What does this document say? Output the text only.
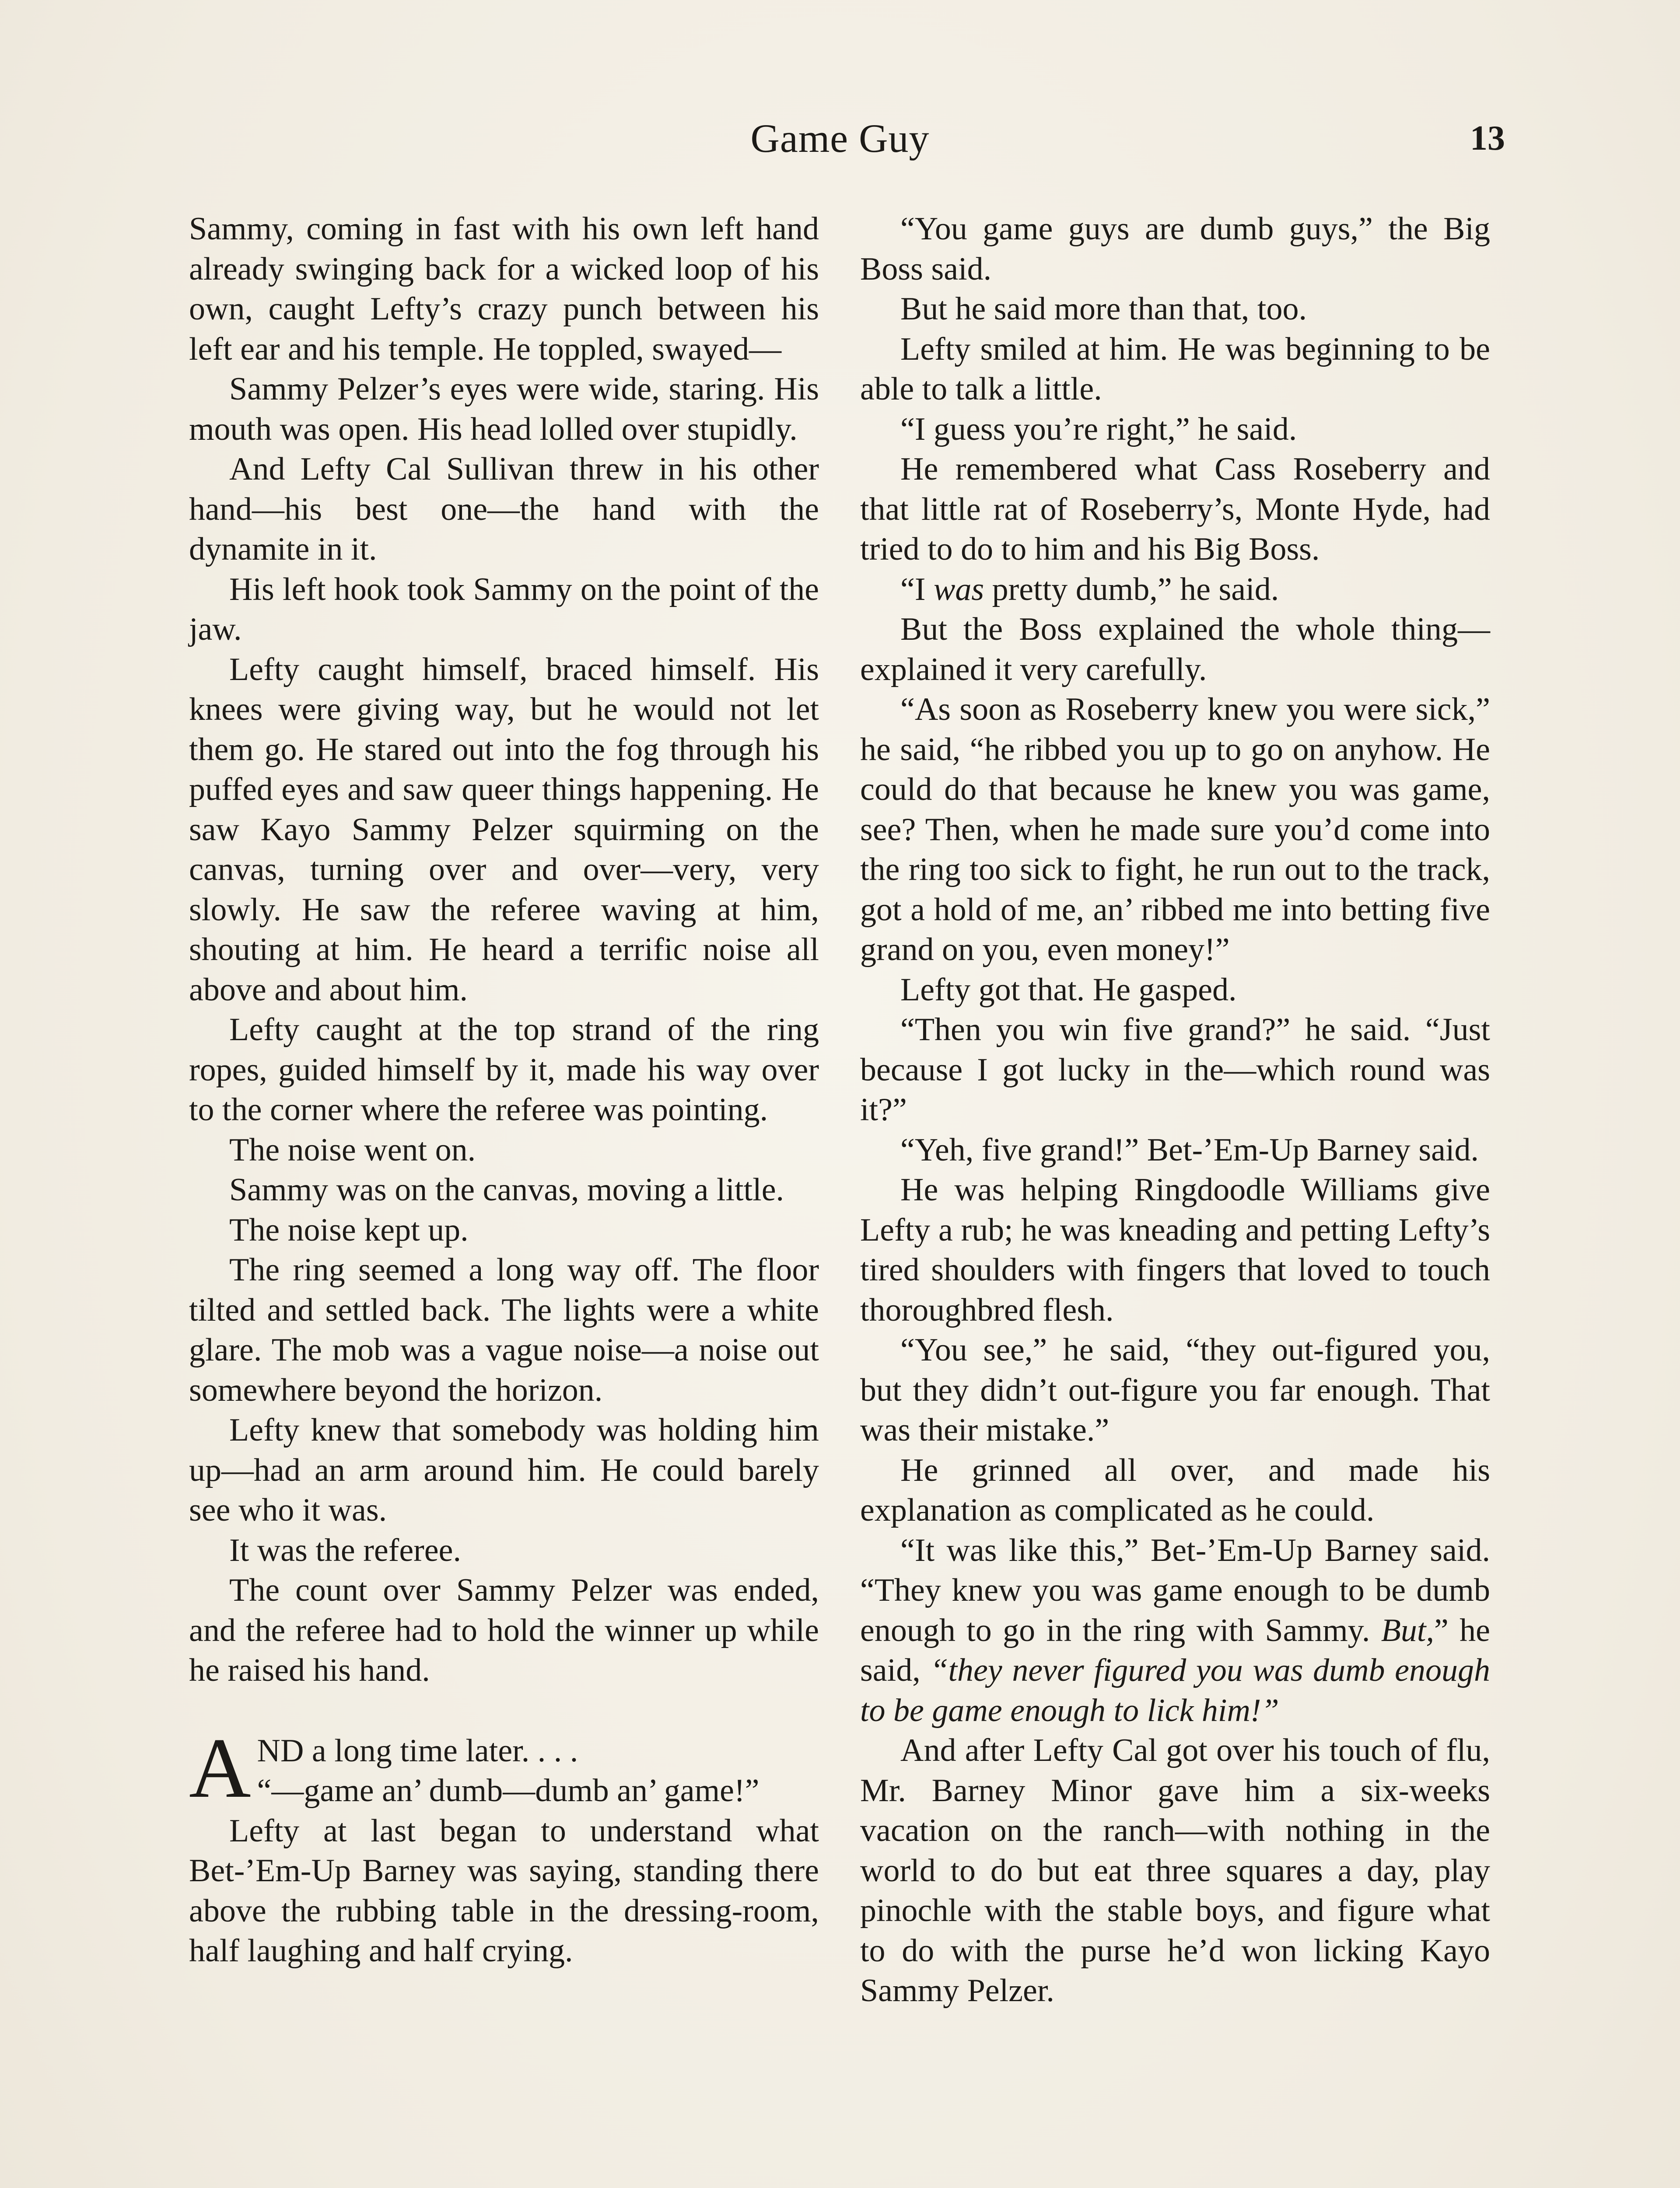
Game Guy	13

Sammy, coming in fast with his own left hand already swinging back for a wicked loop of his own, caught Lefty’s crazy punch between his left ear and his temple. He toppled, swayed—

Sammy Pelzer’s eyes were wide, staring. His mouth was open. His head lolled over stupidly.

And Lefty Cal Sullivan threw in his other hand—his best one—the hand with the dynamite in it.

His left hook took Sammy on the point of the jaw.

Lefty caught himself, braced himself. His knees were giving way, but he would not let them go. He stared out into the fog through his puffed eyes and saw queer things happening. He saw Kayo Sammy Pelzer squirming on the canvas, turning over and over—very, very slowly. He saw the referee waving at him, shouting at him. He heard a terrific noise all above and about him.

Lefty caught at the top strand of the ring ropes, guided himself by it, made his way over to the corner where the referee was pointing.

The noise went on.

Sammy was on the canvas, moving a little.

The noise kept up.

The ring seemed a long way off. The floor tilted and settled back. The lights were a white glare. The mob was a vague noise—a noise out somewhere beyond the horizon.

Lefty knew that somebody was holding him up—had an arm around him. He could barely see who it was.

It was the referee.

The count over Sammy Pelzer was ended, and the referee had to hold the winner up while he raised his hand.

A ND a long time later. . . .
“—game an’ dumb—dumb an’ game!”

Lefty at last began to understand what Bet-’Em-Up Barney was saying, standing there above the rubbing table in the dressing-room, half laughing and half crying.

“You game guys are dumb guys,” the Big Boss said.

But he said more than that, too.

Lefty smiled at him. He was beginning to be able to talk a little.

“I guess you’re right,” he said.

He remembered what Cass Roseberry and that little rat of Roseberry’s, Monte Hyde, had tried to do to him and his Big Boss.

“I was pretty dumb,” he said.

But the Boss explained the whole thing—explained it very carefully.

“As soon as Roseberry knew you were sick,” he said, “he ribbed you up to go on anyhow. He could do that because he knew you was game, see? Then, when he made sure you’d come into the ring too sick to fight, he run out to the track, got a hold of me, an’ ribbed me into betting five grand on you, even money!”

Lefty got that. He gasped.

“Then you win five grand?” he said. “Just because I got lucky in the—which round was it?”

“Yeh, five grand!” Bet-’Em-Up Barney said.

He was helping Ringdoodle Williams give Lefty a rub; he was kneading and petting Lefty’s tired shoulders with fingers that loved to touch thoroughbred flesh.

“You see,” he said, “they out-figured you, but they didn’t out-figure you far enough. That was their mistake.”

He grinned all over, and made his explanation as complicated as he could.

“It was like this,” Bet-’Em-Up Barney said. “They knew you was game enough to be dumb enough to go in the ring with Sammy. But,” he said, “they never figured you was dumb enough to be game enough to lick him!”

And after Lefty Cal got over his touch of flu, Mr. Barney Minor gave him a six-weeks vacation on the ranch—with nothing in the world to do but eat three squares a day, play pinochle with the stable boys, and figure what to do with the purse he’d won licking Kayo Sammy Pelzer.
